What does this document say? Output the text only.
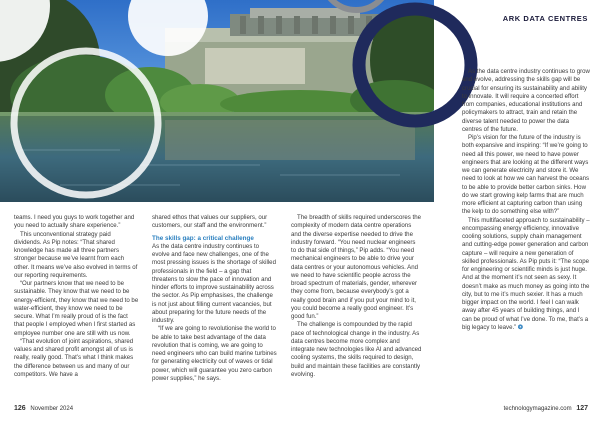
ARK DATA CENTRES

teams. I need you guys to work together and you need to actually share experience.”

This unconventional strategy paid dividends. As Pip notes: “That shared knowledge has made all three partners stronger because we’ve learnt from each other. It means we’ve also evolved in terms of our reporting requirements.

“Our partners know that we need to be sustainable. They know that we need to be energy-efficient, they know that we need to be water-efficient, they know we need to be secure. What I’m really proud of is the fact that people I employed when I first started as employee number one are still with us now.

“That evolution of joint aspirations, shared values and shared profit amongst all of us is really, really good. That’s what I think makes the difference between us and many of our competitors. We have a

shared ethos that values our suppliers, our customers, our staff and the environment.”

The skills gap: a critical challenge

As the data centre industry continues to evolve and face new challenges, one of the most pressing issues is the shortage of skilled professionals in the field – a gap that threatens to slow the pace of innovation and hinder efforts to improve sustainability across the sector. As Pip emphasises, the challenge is not just about filling current vacancies, but about preparing for the future needs of the industry.

“If we are going to revolutionise the world to be able to take best advantage of the data revolution that is coming, we are going to need engineers who can build marine turbines for generating electricity out of waves or tidal power, which will guarantee you zero carbon power supplies,” he says.

The breadth of skills required underscores the complexity of modern data centre operations and the diverse expertise needed to drive the industry forward. “You need nuclear engineers to do that side of things,” Pip adds. “You need mechanical engineers to be able to drive your data centres or your autonomous vehicles. And we need to have scientific people across the broad spectrum of materials, gender, wherever they come from, because everybody’s got a really good brain and if you put your mind to it, you could become a really good engineer. It’s good fun.”

The challenge is compounded by the rapid pace of technological change in the industry. As data centres become more complex and integrate new technologies like AI and advanced cooling systems, the skills required to design, build and maintain these facilities are constantly evolving.

As the data centre industry continues to grow and evolve, addressing the skills gap will be crucial for ensuring its sustainability and ability to innovate. It will require a concerted effort from companies, educational institutions and policymakers to attract, train and retain the diverse talent needed to power the data centres of the future.

Pip’s vision for the future of the industry is both expansive and inspiring: “If we’re going to need all this power, we need to have power engineers that are looking at the different ways we can generate electricity and store it. We need to look at how we can harvest the oceans to be able to provide better carbon sinks. How do we start growing kelp farms that are much more efficient at capturing carbon than using the kelp to do something else with?”

This multifaceted approach to sustainability – encompassing energy efficiency, innovative cooling solutions, supply chain management and cutting-edge power generation and carbon capture – will require a new generation of skilled professionals. As Pip puts it: “The scope for engineering or scientific minds is just huge. And at the moment it’s not seen as sexy. It doesn’t make as much money as going into the city, but to me it’s much sexier. It has a much bigger impact on the world. I feel I can walk away after 45 years of building things, and I can be proud of what I’ve done. To me, that’s a big legacy to leave.” ❂

126 November 2024	technologymagazine.com 127
